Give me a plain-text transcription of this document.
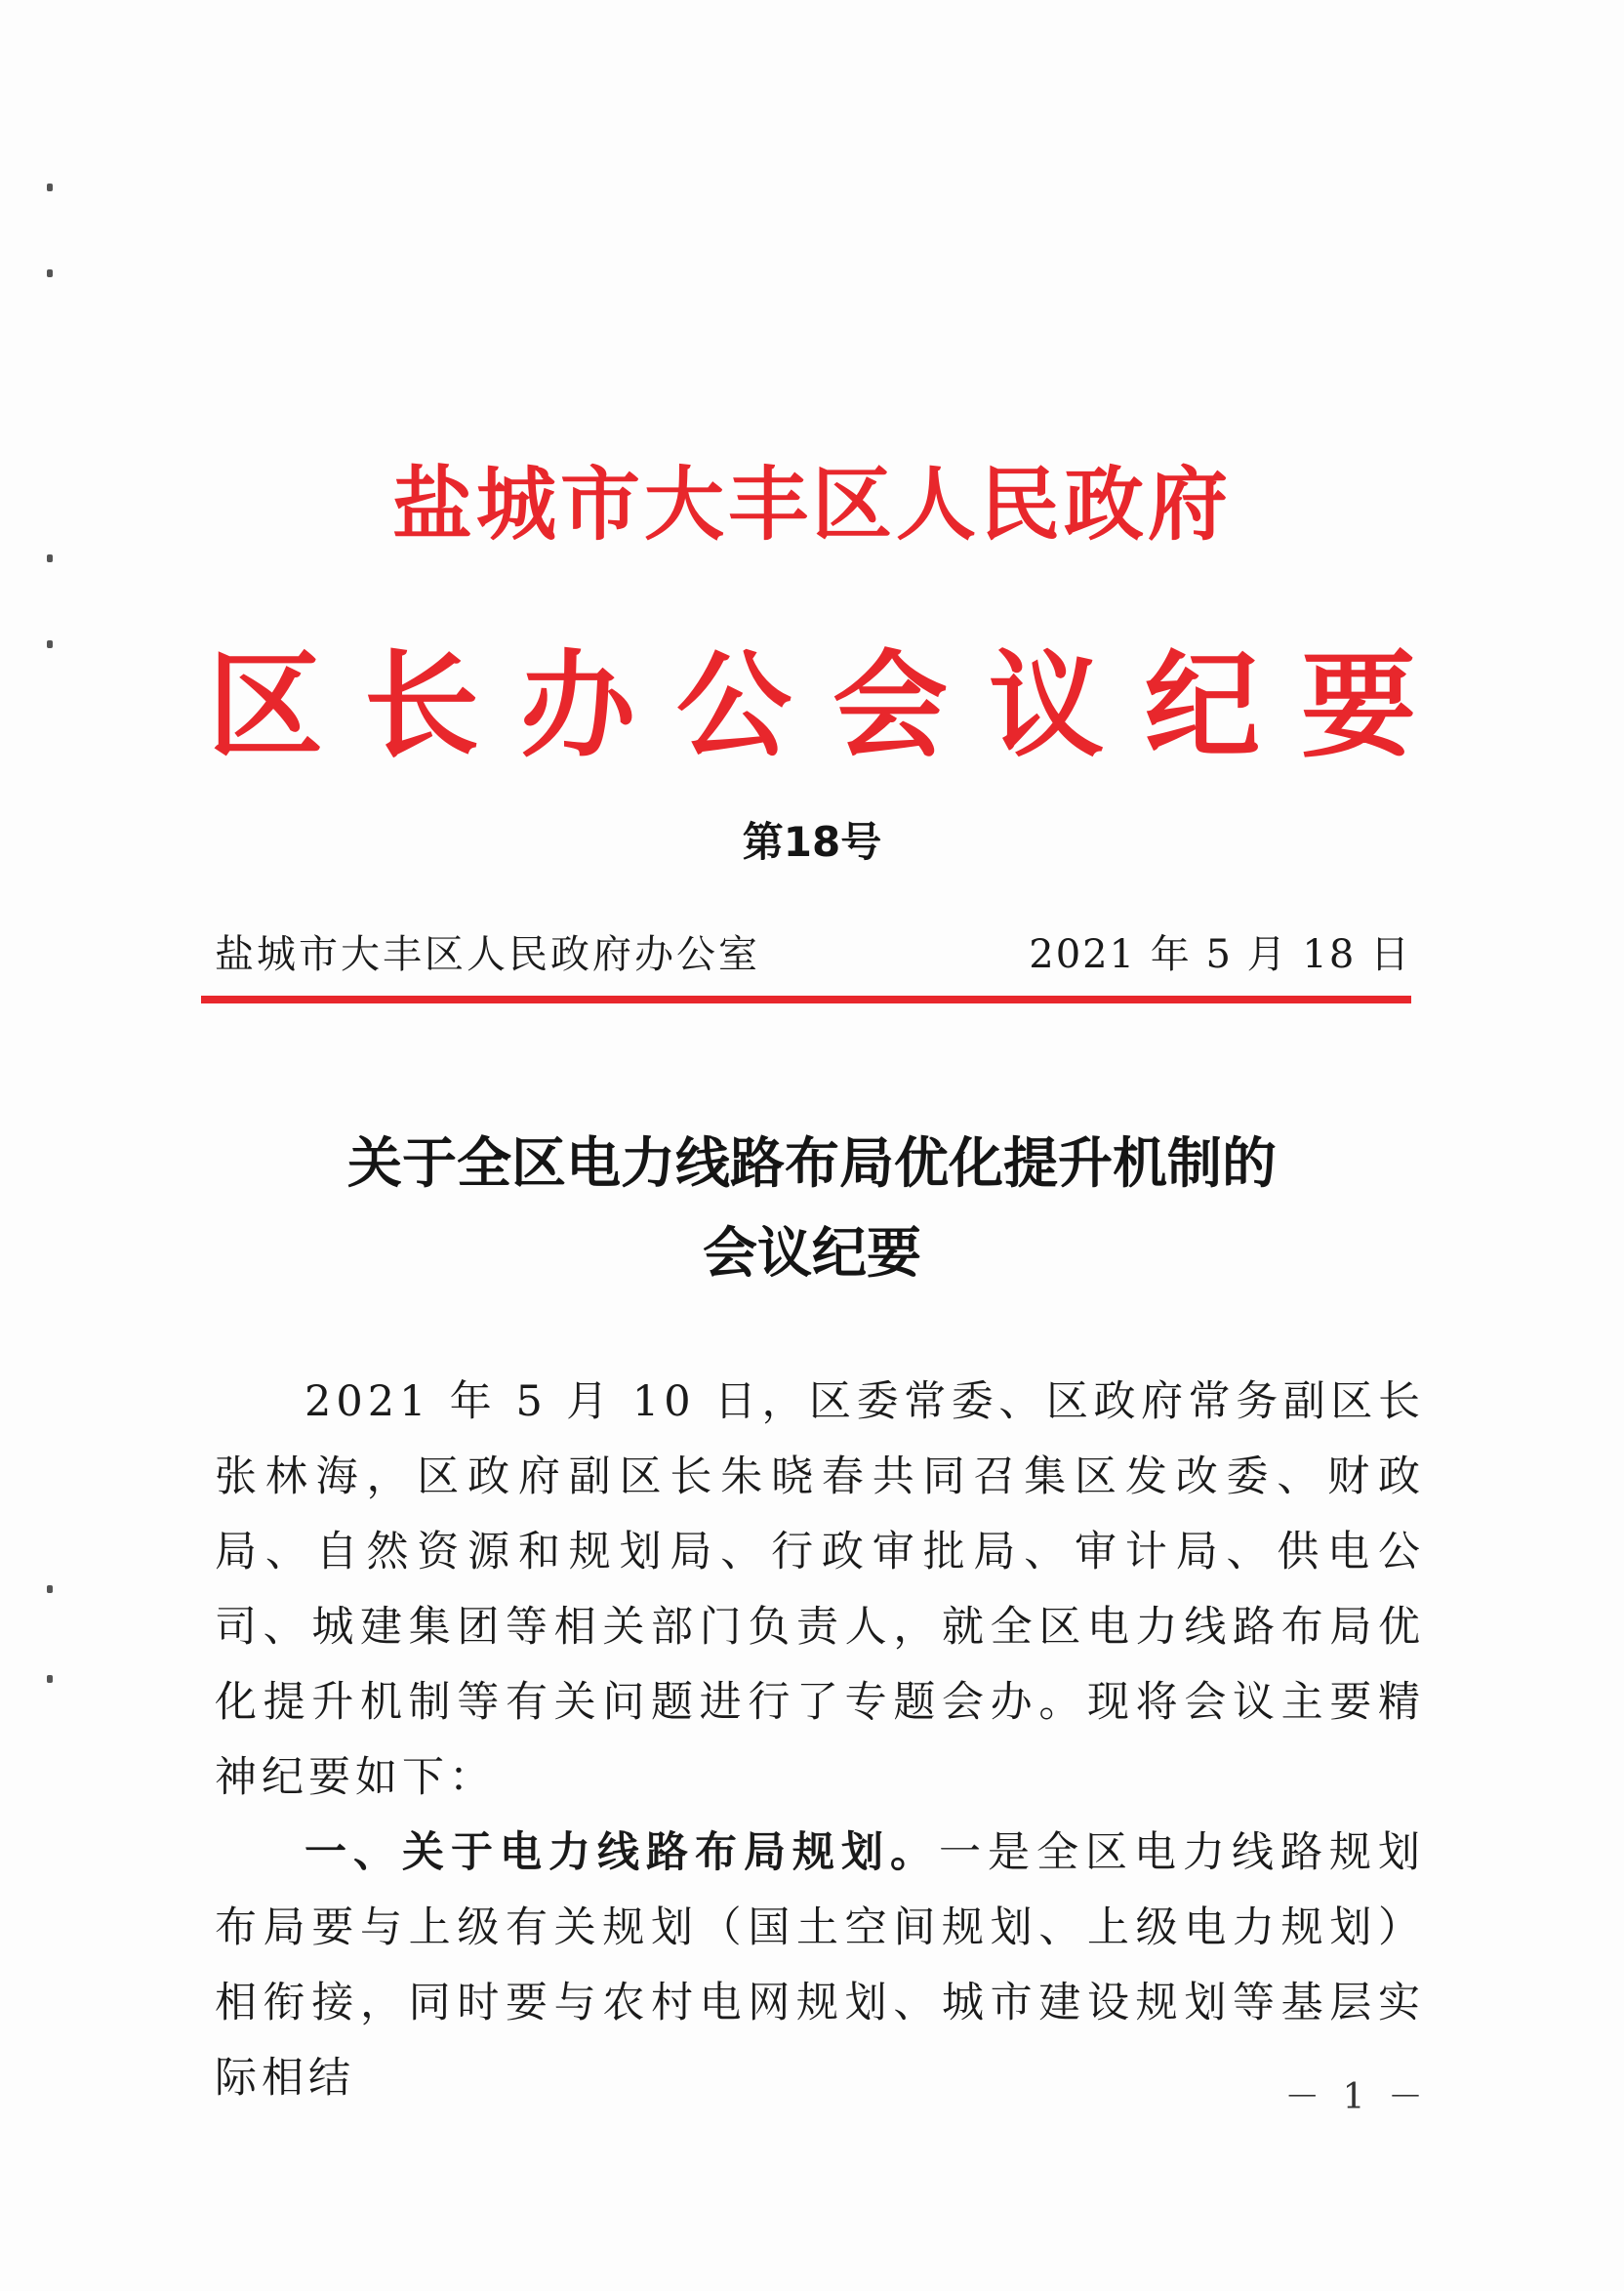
盐城市大丰区人民政府
区长办公会议纪要
第18号
盐城市大丰区人民政府办公室	2021 年 5 月 18 日
关于全区电力线路布局优化提升机制的
会议纪要

2021 年 5 月 10 日，区委常委、区政府常务副区长张林海，区政府副区长朱晓春共同召集区发改委、财政局、自然资源和规划局、行政审批局、审计局、供电公司、城建集团等相关部门负责人，就全区电力线路布局优化提升机制等有关问题进行了专题会办。现将会议主要精神纪要如下：

一、关于电力线路布局规划。一是全区电力线路规划布局要与上级有关规划（国土空间规划、上级电力规划）相衔接，同时要与农村电网规划、城市建设规划等基层实际相结	－ 1 －
